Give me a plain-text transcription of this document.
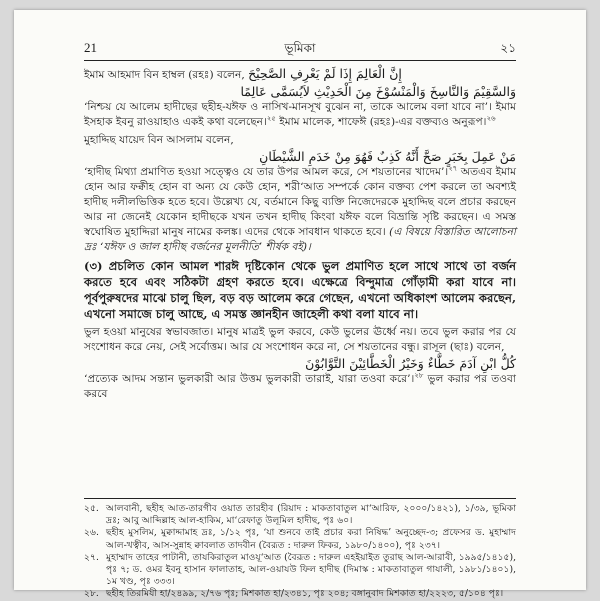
21	ভূমিকা	২১

ইমাম আহমাদ বিন হাম্বল (রহঃ) বলেন, إِنَّ الْعَالِمَ إِذَا لَمْ يَعْرِفِ الصَّحِيْحَ

وَالسَّقِيْمَ وَالنَّاسِخَ وَالْمَنْسُوْخَ مِنَ الْحَدِيْثِ لاَيُسَمَّى عَالِمًا

‘নিশ্চয় যে আলেম হাদীছের ছহীহ-যঈফ ও নাসিখ-মানসূখ বুঝেন না, তাকে আলেম বলা যাবে না’। ইমাম ইসহাক ইবনু রাওয়াহাও একই কথা বলেছেন।$^{২৫}$ ইমাম মালেক, শাফেঈ (রহঃ)-এর বক্তব্যও অনুরূপ।$^{২৬}$

মুহাদ্দিছ যায়েদ বিন আসলাম বলেন,

مَنْ عَمِلَ بِخَبَرٍ صَحَّ أَنَّهُ كَذِبٌ فَهُوَ مِنْ خَدَمِ الشَّيْطَانِ

‘হাদীছ মিথ্যা প্রমাণিত হওয়া সত্ত্বেও যে তার উপর আমল করে, সে শয়তানের খাদেম’।$^{২৭}$ অতএব ইমাম হোন আর ফক্বীহ হোন বা অন্য যে কেউ হোন, শরী‘আত সম্পর্কে কোন বক্তব্য পেশ করলে তা অবশ্যই হাদীছ দলীলভিত্তিক হতে হবে। উল্লেখ্য যে, বর্তমানে কিছু ব্যক্তি নিজেদেরকে মুহাদ্দিছ বলে প্রচার করছেন আর না জেনেই যেকোন হাদীছকে যখন তখন হাদীছ কিংবা যঈফ বলে বিভ্রান্তি সৃষ্টি করছেন। এ সমস্ত স্বঘোষিত মুহাদ্দিরা মানুষ নামের কলঙ্ক। এদের থেকে সাবধান থাকতে হবে। (এ বিষয়ে বিস্তারিত আলোচনা দ্রঃ ‘যঈফ ও জাল হাদীছ বর্জনের মূলনীতি’ শীর্ষক বই)।

(৩) প্রচলিত কোন আমল শারঈ দৃষ্টিকোন থেকে ভুল প্রমাণিত হলে সাথে সাথে তা বর্জন করতে হবে এবং সঠিকটা গ্রহণ করতে হবে। এক্ষেত্রে বিন্দুমাত্র গোঁড়ামী করা যাবে না। পূর্বপুরুষদের মাঝে চালু ছিল, বড় বড় আলেম করে গেছেন, এখনো অধিকাংশ আলেম করছেন, এখনো সমাজে চালু আছে, এ সমস্ত জ্ঞানহীন জাহেলী কথা বলা যাবে না।

ভুল হওয়া মানুষের স্বভাবজাত। মানুষ মাত্রই ভুল করবে, কেউ ভুলের ঊর্ধ্বে নয়। তবে ভুল করার পর যে সংশোধন করে নেয়, সেই সর্বোত্তম। আর যে সংশোধন করে না, সে শয়তানের বন্ধু। রাসূল (ছাঃ) বলেন,

كُلُّ ابْنِ آدَمَ خَطَّاءٌ وَخَيْرُ الْخَطَّائِيْنَ التَّوَّابُوْنَ

‘প্রত্যেক আদম সন্তান ভুলকারী আর উত্তম ভুলকারী তারাই, যারা তওবা করে’।$^{২৮}$ ভুল করার পর তওবা করবে

২৫. আলবানী, ছহীহ আত-তারগীব ওয়াত তারহীব (রিয়াদ : মাকতাবাতুল মা‘আরিফ, ২০০০/১৪২১), ১/৩৯, ভূমিকা দ্রঃ; আবু আব্দিল্লাহ আল-হাকিম, মা‘রেফাতু উলূমিল হাদীছ, পৃঃ ৬০।
২৬. ছহীহ মুসলিম, মুক্বাদ্দামাহ দ্রঃ, ১/১২ পৃঃ, ‘যা শুনবে তাই প্রচার করা নিষিদ্ধ’ অনুচ্ছেদ-৩; প্রফেসর ড. মুহাম্মাদ আল-খত্বীব, আস-সুন্নাহ ক্বাবলাত তাদবীন (বৈরূত : দারুল ফিকর, ১৯৮০/১৪০০), পৃঃ ২৩৭।
২৭. মুহাম্মাদ তাহের পাটানী, তাযকিরাতুল মাওযূ‘আত (বৈরূত : দারুল এহইয়াইত তুরাছ আল-আরাবী, ১৯৯৫/১৪১৫), পৃঃ ৭; ড. ওমর ইবনু হাসান ফালাতাহ, আল-ওয়াযউ ফিল হাদীছ (দিমাস্ক : মাকতাবাতুল গাযালী, ১৯৮১/১৪০১), ১ম খণ্ড, পৃঃ ৩৩৩।
২৮. ছহীহ তিরমিযী হা/২৪৯৯, ২/৭৬ পৃঃ; মিশকাত হা/২৩৪১, পৃঃ ২০৪; বঙ্গানুবাদ মিশকাত হা/২২২৩, ৫/১০৪ পৃঃ।
